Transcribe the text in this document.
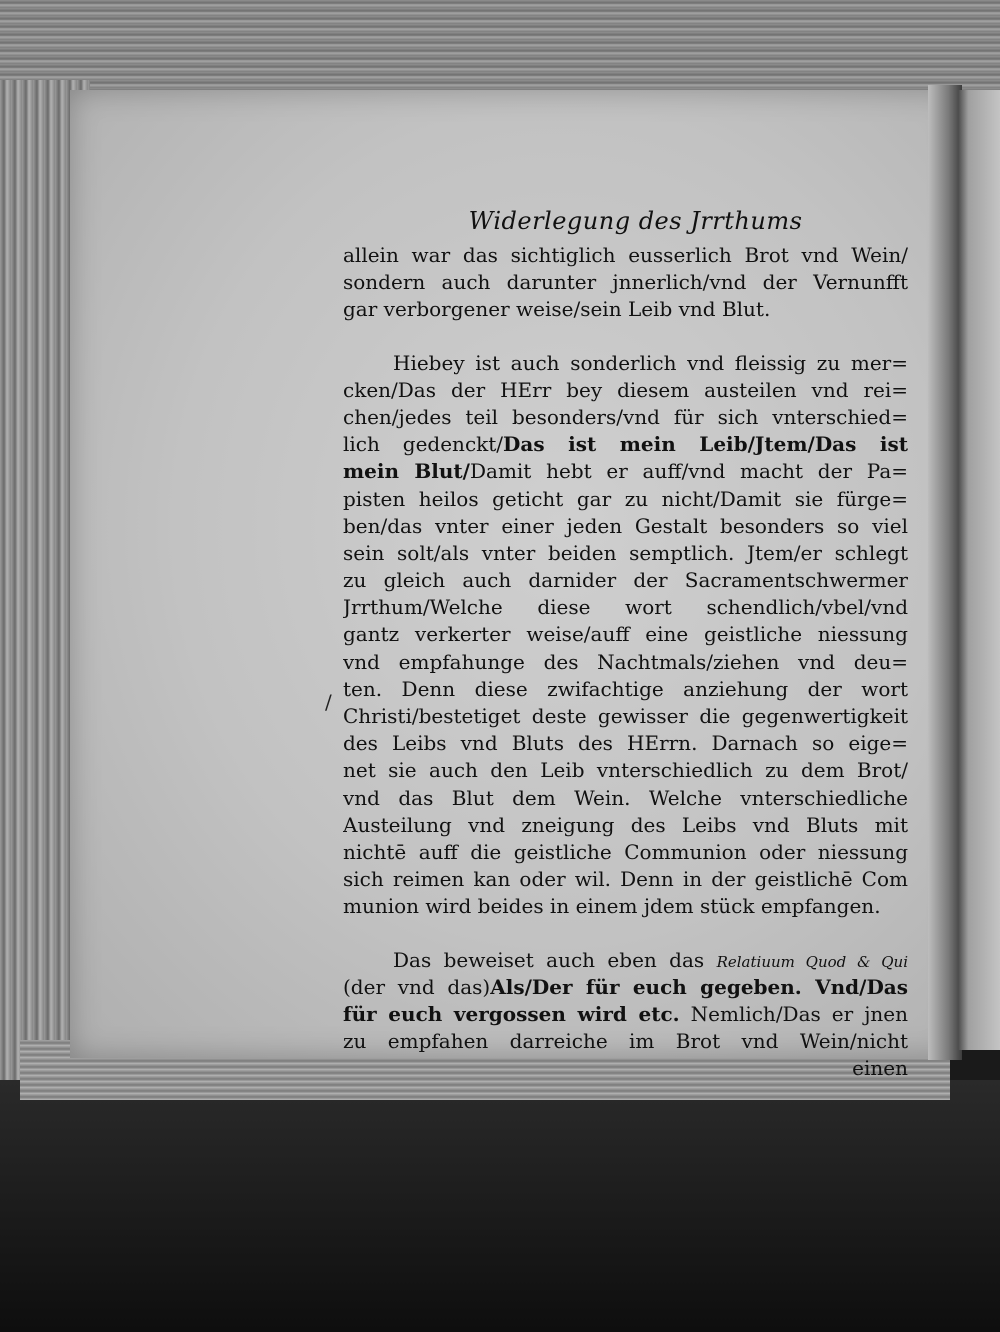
/
Widerlegung des Jrrthums
allein war das sichtiglich eusserlich Brot vnd Wein/
sondern auch darunter jnnerlich/vnd der Vernunfft
gar verborgener weise/sein Leib vnd Blut.
Hiebey ist auch sonderlich vnd fleissig zu mer=
cken/Das der HErr bey diesem austeilen vnd rei=
chen/jedes teil besonders/vnd für sich vnterschied=
lich gedenckt/Das ist mein Leib/Jtem/Das ist
mein Blut/Damit hebt er auff/vnd macht der Pa=
pisten heilos geticht gar zu nicht/Damit sie fürge=
ben/das vnter einer jeden Gestalt besonders so viel
sein solt/als vnter beiden semptlich. Jtem/er schlegt
zu gleich auch darnider der Sacramentschwermer
Jrrthum/Welche diese wort schendlich/vbel/vnd
gantz verkerter weise/auff eine geistliche niessung
vnd empfahunge des Nachtmals/ziehen vnd deu=
ten. Denn diese zwifachtige anziehung der wort
Christi/bestetiget deste gewisser die gegenwertigkeit
des Leibs vnd Bluts des HErrn. Darnach so eige=
net sie auch den Leib vnterschiedlich zu dem Brot/
vnd das Blut dem Wein. Welche vnterschiedliche
Austeilung vnd zneigung des Leibs vnd Bluts mit
nichtē auff die geistliche Communion oder niessung
sich reimen kan oder wil. Denn in der geistlichē Com
munion wird beides in einem jdem stück empfangen.
Das beweiset auch eben das Relatiuum Quod & Qui
(der vnd das)Als/Der für euch gegeben. Vnd/Das
für euch vergossen wird etc. Nemlich/Das er jnen
zu empfahen darreiche im Brot vnd Wein/nicht
einen
